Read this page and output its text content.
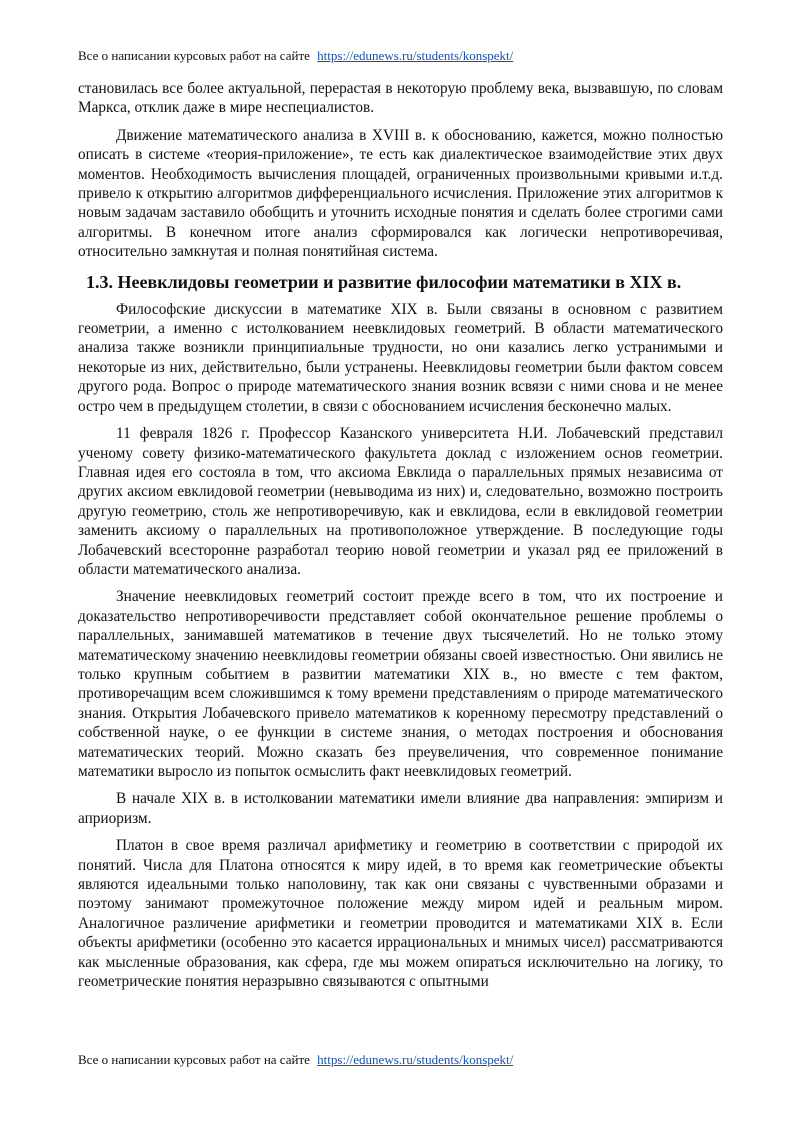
Все о написании курсовых работ на сайте https://edunews.ru/students/konspekt/

становилась все более актуальной, перерастая в некоторую проблему века, вызвавшую, по словам Маркса, отклик даже в мире неспециалистов.

Движение математического анализа в XVIII в. к обоснованию, кажется, можно полностью описать в системе «теория-приложение», те есть как диалектическое взаимодействие этих двух моментов. Необходимость вычисления площадей, ограниченных произвольными кривыми и.т.д. привело к открытию алгоритмов дифференциального исчисления. Приложение этих алгоритмов к новым задачам заставило обобщить и уточнить исходные понятия и сделать более строгими сами алгоритмы. В конечном итоге анализ сформировался как логически непротиворечивая, относительно замкнутая и полная понятийная система.

1.3. Неевклидовы геометрии и развитие философии математики в XIX в.

Философские дискуссии в математике XIX в. Были связаны в основном с развитием геометрии, а именно с истолкованием неевклидовых геометрий. В области математического анализа также возникли принципиальные трудности, но они казались легко устранимыми и некоторые из них, действительно, были устранены. Неевклидовы геометрии были фактом совсем другого рода. Вопрос о природе математического знания возник всвязи с ними снова и не менее остро чем в предыдущем столетии, в связи с обоснованием исчисления бесконечно малых.

11 февраля 1826 г. Профессор Казанского университета Н.И. Лобачевский представил ученому совету физико-математического факультета доклад с изложением основ геометрии. Главная идея его состояла в том, что аксиома Евклида о параллельных прямых независима от других аксиом евклидовой геометрии (невыводима из них) и, следовательно, возможно построить другую геометрию, столь же непротиворечивую, как и евклидова, если в евклидовой геометрии заменить аксиому о параллельных на противоположное утверждение. В последующие годы Лобачевский всесторонне разработал теорию новой геометрии и указал ряд ее приложений в области математического анализа.

Значение неевклидовых геометрий состоит прежде всего в том, что их построение и доказательство непротиворечивости представляет собой окончательное решение проблемы о параллельных, занимавшей математиков в течение двух тысячелетий. Но не только этому математическому значению неевклидовы геометрии обязаны своей известностью. Они явились не только крупным событием в развитии математики XIX в., но вместе с тем фактом, противоречащим всем сложившимся к тому времени представлениям о природе математического знания. Открытия Лобачевского привело математиков к коренному пересмотру представлений о собственной науке, о ее функции в системе знания, о методах построения и обоснования математических теорий. Можно сказать без преувеличения, что современное понимание математики выросло из попыток осмыслить факт неевклидовых геометрий.

В начале XIX в. в истолковании математики имели влияние два направления: эмпиризм и априоризм.

Платон в свое время различал арифметику и геометрию в соответствии с природой их понятий. Числа для Платона относятся к миру идей, в то время как геометрические объекты являются идеальными только наполовину, так как они связаны с чувственными образами и поэтому занимают промежуточное положение между миром идей и реальным миром. Аналогичное различение арифметики и геометрии проводится и математиками XIX в. Если объекты арифметики (особенно это касается иррациональных и мнимых чисел) рассматриваются как мысленные образования, как сфера, где мы можем опираться исключительно на логику, то геометрические понятия неразрывно связываются с опытными

Все о написании курсовых работ на сайте https://edunews.ru/students/konspekt/
